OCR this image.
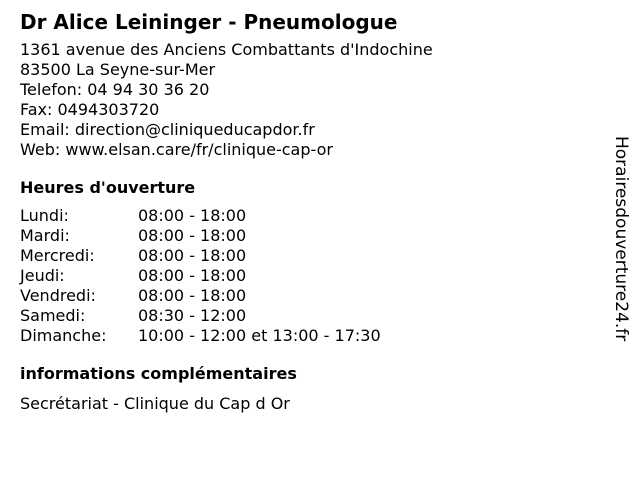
Dr Alice Leininger - Pneumologue
1361 avenue des Anciens Combattants d'Indochine
83500 La Seyne-sur-Mer
Telefon: 04 94 30 36 20
Fax: 0494303720
Email: direction@cliniqueducapdor.fr
Web: www.elsan.care/fr/clinique-cap-or
Heures d'ouverture
Lundi:	08:00 - 18:00
Mardi:	08:00 - 18:00
Mercredi:	08:00 - 18:00
Jeudi:	08:00 - 18:00
Vendredi:	08:00 - 18:00
Samedi:	08:30 - 12:00
Dimanche:	10:00 - 12:00 et 13:00 - 17:30
informations complémentaires
Secrétariat - Clinique du Cap d Or
Horairesdouverture24.fr
